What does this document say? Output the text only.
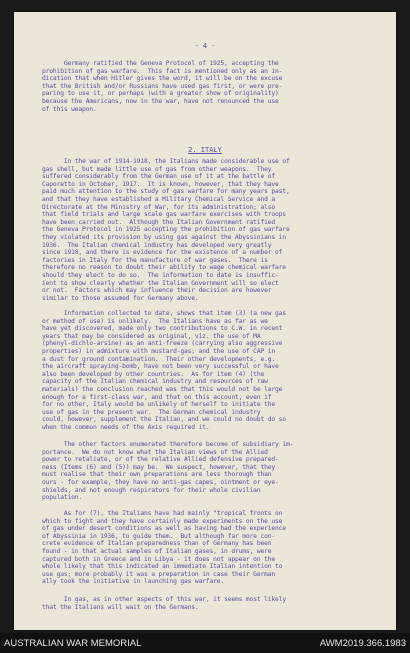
- 4 -
Germany ratified the Geneva Protocol of 1925, accepting the
prohibition of gas warfare.  This fact is mentioned only as an in-
dication that when Hitler gives the word, it will be on the excuse
that the British and/or Russians have used gas first, or were pre-
paring to use it, or perhaps (with a greater show of originality)
because the Americans, now in the war, have not renounced the use
of this weapon.
2. ITALY
In the war of 1914-1918, the Italians made considerable use of
gas shell, but made little use of gas from other weapons.  They
suffered considerably from the German use of it at the battle of
Caporetto in October, 1917.  It is known, however, that they have
paid much attention to the study of gas warfare for many years past,
and that they have established a Military Chemical Service and a
Directorate at the Ministry of War, for its administration; also
that field trials and large scale gas warfare exercises with troops
have been carried out.  Although the Italian Government ratified
the Geneva Protocol in 1925 accepting the prohibition of gas warfare
they violated its provision by using gas against the Abyssinians in
1936.  The Italian chemical industry has developed very greatly
since 1918, and there is evidence for the existence of a number of
factories in Italy for the manufacture of war gases.  There is
therefore no reason to doubt their ability to wage chemical warfare
should they elect to do so.  The information to date is insuffic-
ient to show clearly whether the Italian Government will so elect
or not.  Factors which may influence their decision are however
similar to those assumed for Germany above.
Information collected to date, shows that item (3) (a new gas
or method of use) is unlikely.  The Italians have as far as we
have yet discovered, made only two contributions to C.W. in recent
years that may be considered as original, viz. the use of MA
(phenyl-dichlo-arsine) as an anti-freeze (carrying also aggressive
properties) in admixture with mustard-gas; and the use of CAP in
a dust for ground contamination.  Their other developments, e.g.
the aircraft spraying-bomb, have not been very successful or have
also been developed by other countries.  As for item (4) (the
capacity of the Italian chemical industry and resources of raw
materials) the conclusion reached was that this would not be large
enough for a first-class war, and that on this account, even if
for no other, Italy would be unlikely of herself to initiate the
use of gas in the present war.  The German chemical industry
could, however, supplement the Italian, and we could no doubt do so
when the common needs of the Axis required it.
The other factors enumerated therefore become of subsidiary im-
portance.  We do not know what the Italian views of the Allied
power to retaliate, or of the relative Allied defensive prepared-
ness (Items (6) and (5)) may be.  We suspect, however, that they
must realise that their own preparations are less thorough than
ours - for example, they have no anti-gas capes, ointment or eye-
shields, and not enough respirators for their whole civilian
population.
As for (7), the Italians have had mainly "tropical fronts on
which to fight and they have certainly made experiments on the use
of gas under desert conditions as well as having had the experience
of Abyssinia in 1936, to guide them.  But although far more con-
crete evidence of Italian preparedness than of Germany has been
found - in that actual samples of Italian gases, in drums, were
captured both in Greece and in Libya - it does not appear on the
whole likely that this indicated an immediate Italian intention to
use gas; more probably it was a preparation in case their German
ally took the initiative in launching gas warfare.
In gas, as in other aspects of this war, it seems most likely
that the Italians will wait on the Germans.
AUSTRALIAN WAR MEMORIAL	AWM2019.366.1983
